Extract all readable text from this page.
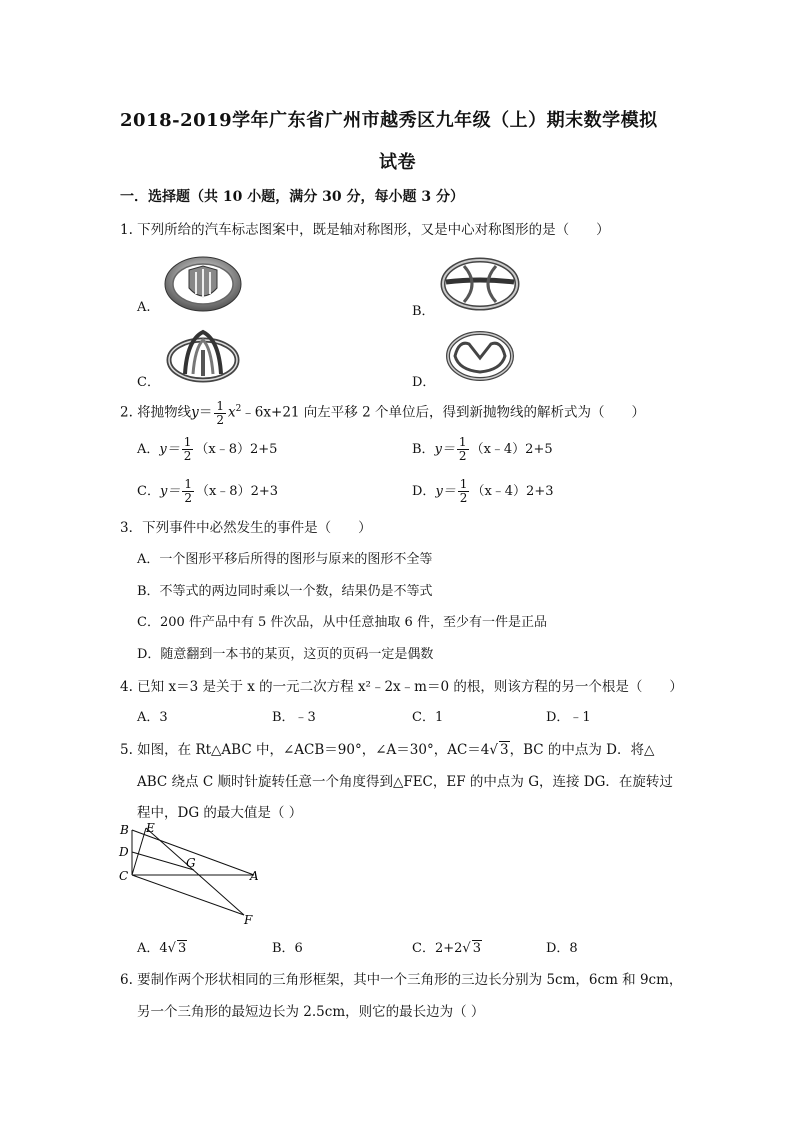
2018-2019学年广东省广州市越秀区九年级（上）期末数学模拟
试卷
一．选择题（共 10 小题，满分 30 分，每小题 3 分）
1. 下列所给的汽车标志图案中，既是轴对称图形，又是中心对称图形的是（　　）
A.	B．
C．	D．
2. 将抛物线$y= \frac{1}{2}$ $x^2﹣6x+21$ 向左平移 2 个单位后，得到新抛物线的解析式为（　　）
A．$y= \frac{1}{2}$ （x﹣8）2+5	B．$y= \frac{1}{2}$ （x﹣4）2+5
C．$y= \frac{1}{2}$ （x﹣8）2+3	D．$y= \frac{1}{2}$ （x﹣4）2+3
3．下列事件中必然发生的事件是（　　）
A．一个图形平移后所得的图形与原来的图形不全等
B．不等式的两边同时乘以一个数，结果仍是不等式
C．200 件产品中有 5 件次品，从中任意抽取 6 件，至少有一件是正品
D．随意翻到一本书的某页，这页的页码一定是偶数
4. 已知 x＝3 是关于 x 的一元二次方程 x²﹣2x﹣m＝0 的根，则该方程的另一个根是（　　）
A．3	B．﹣3	C．1	D．﹣1
5. 如图，在 Rt△ABC 中，∠ACB＝90°，∠A＝30°，AC＝4√ 3，BC 的中点为 D．将△
ABC 绕点 C 顺时针旋转任意一个角度得到△FEC，EF 的中点为 G，连接 DG．在旋转过
程中，DG 的最大值是（ ）
B E
D
G
C	A
F
A．4√ 3	B．6	C．2+2√ 3	D．8
6. 要制作两个形状相同的三角形框架，其中一个三角形的三边长分别为 5cm，6cm 和 9cm，
另一个三角形的最短边长为 2.5cm，则它的最长边为（ ）
